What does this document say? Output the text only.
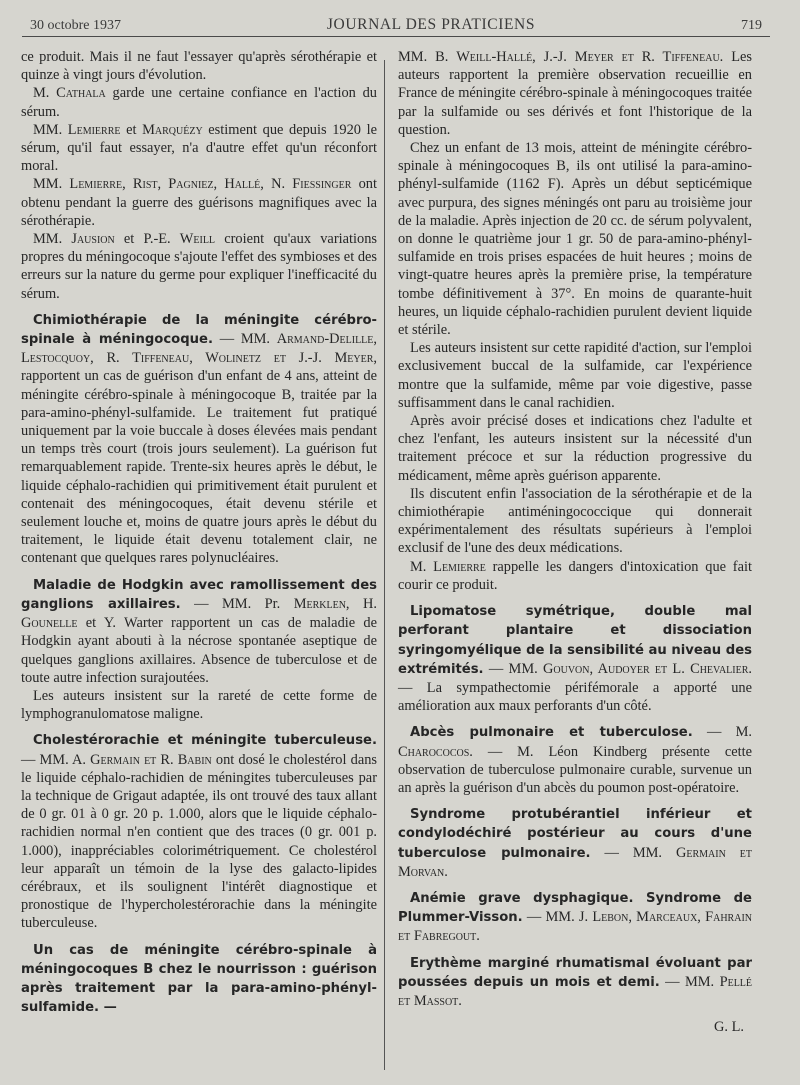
30 octobre 1937	JOURNAL DES PRATICIENS	719

ce produit. Mais il ne faut l'essayer qu'après sérothérapie et quinze à vingt jours d'évolution.

M. Cathala garde une certaine confiance en l'action du sérum.

MM. Lemierre et Marquézy estiment que depuis 1920 le sérum, qu'il faut essayer, n'a d'autre effet qu'un réconfort moral.

MM. Lemierre, Rist, Pagniez, Hallé, N. Fiessinger ont obtenu pendant la guerre des guérisons magnifiques avec la sérothérapie.

MM. Jausion et P.-E. Weill croient qu'aux variations propres du méningocoque s'ajoute l'effet des symbioses et des erreurs sur la nature du germe pour expliquer l'inefficacité du sérum.

Chimiothérapie de la méningite cérébro-spinale à méningocoque. — MM. Armand-Delille, Lestocquoy, R. Tiffeneau, Wolinetz et J.-J. Meyer, rapportent un cas de guérison d'un enfant de 4 ans, atteint de méningite cérébro-spinale à méningocoque B, traitée par la para-amino-phényl-sulfamide. Le traitement fut pratiqué uniquement par la voie buccale à doses élevées mais pendant un temps très court (trois jours seulement). La guérison fut remarquablement rapide. Trente-six heures après le début, le liquide céphalo-rachidien qui primitivement était purulent et contenait des méningocoques, était devenu stérile et seulement louche et, moins de quatre jours après le début du traitement, le liquide était devenu totalement clair, ne contenant que quelques rares polynucléaires.

Maladie de Hodgkin avec ramollissement des ganglions axillaires. — MM. Pr. Merklen, H. Gounelle et Y. Warter rapportent un cas de maladie de Hodgkin ayant abouti à la nécrose spontanée aseptique de quelques ganglions axillaires. Absence de tuberculose et de toute autre infection surajoutées.

Les auteurs insistent sur la rareté de cette forme de lymphogranulomatose maligne.

Cholestérorachie et méningite tuberculeuse. — MM. A. Germain et R. Babin ont dosé le cholestérol dans le liquide céphalo-rachidien de méningites tuberculeuses par la technique de Grigaut adaptée, ils ont trouvé des taux allant de 0 gr. 01 à 0 gr. 20 p. 1.000, alors que le liquide céphalo-rachidien normal n'en contient que des traces (0 gr. 001 p. 1.000), inappréciables colorimétriquement. Ce cholestérol leur apparaît un témoin de la lyse des galacto-lipides cérébraux, et ils soulignent l'intérêt diagnostique et pronostique de l'hypercholestérorachie dans la méningite tuberculeuse.

Un cas de méningite cérébro-spinale à méningocoques B chez le nourrisson : guérison après traitement par la para-amino-phényl-sulfamide. —

MM. B. Weill-Hallé, J.-J. Meyer et R. Tiffeneau. Les auteurs rapportent la première observation recueillie en France de méningite cérébro-spinale à méningocoques traitée par la sulfamide ou ses dérivés et font l'historique de la question.

Chez un enfant de 13 mois, atteint de méningite cérébro-spinale à méningocoques B, ils ont utilisé la para-amino-phényl-sulfamide (1162 F). Après un début septicémique avec purpura, des signes méningés ont paru au troisième jour de la maladie. Après injection de 20 cc. de sérum polyvalent, on donne le quatrième jour 1 gr. 50 de para-amino-phényl-sulfamide en trois prises espacées de huit heures ; moins de vingt-quatre heures après la première prise, la température tombe définitivement à 37°. En moins de quarante-huit heures, un liquide céphalo-rachidien purulent devient liquide et stérile.

Les auteurs insistent sur cette rapidité d'action, sur l'emploi exclusivement buccal de la sulfamide, car l'expérience montre que la sulfamide, même par voie digestive, passe suffisamment dans le canal rachidien.

Après avoir précisé doses et indications chez l'adulte et chez l'enfant, les auteurs insistent sur la nécessité d'un traitement précoce et sur la réduction progressive du médicament, même après guérison apparente.

Ils discutent enfin l'association de la sérothérapie et de la chimiothérapie antiméningococcique qui donnerait expérimentalement des résultats supérieurs à l'emploi exclusif de l'une des deux médications.

M. Lemierre rappelle les dangers d'intoxication que fait courir ce produit.

Lipomatose symétrique, double mal perforant plantaire et dissociation syringomyélique de la sensibilité au niveau des extrémités. — MM. Gouvon, Audoyer et L. Chevalier. — La sympathectomie périfémorale a apporté une amélioration aux maux perforants d'un côté.

Abcès pulmonaire et tuberculose. — M. Charococos. — M. Léon Kindberg présente cette observation de tuberculose pulmonaire curable, survenue un an après la guérison d'un abcès du poumon post-opératoire.

Syndrome protubérantiel inférieur et condylodéchiré postérieur au cours d'une tuberculose pulmonaire. — MM. Germain et Morvan.

Anémie grave dysphagique. Syndrome de Plummer-Visson. — MM. J. Lebon, Marceaux, Fahrain et Fabregout.

Erythème marginé rhumatismal évoluant par poussées depuis un mois et demi. — MM. Pellé et Massot.

G. L.
